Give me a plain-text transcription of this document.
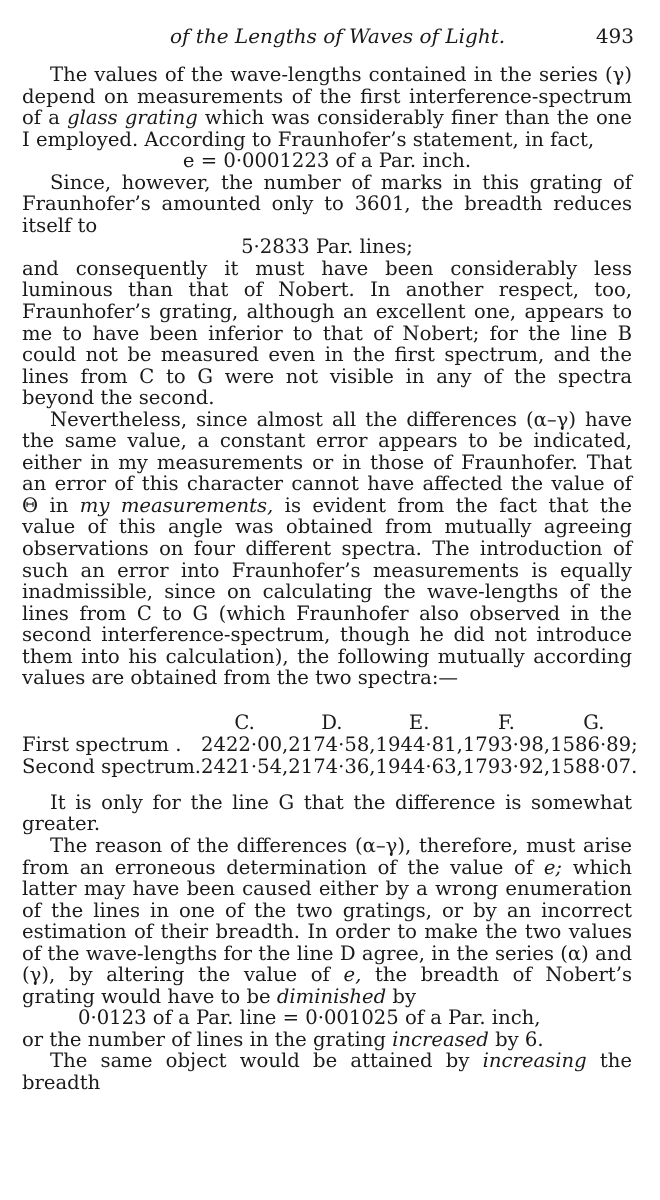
of the Lengths of Waves of Light.	493

The values of the wave-lengths contained in the series (γ) depend on measurements of the first interference-spectrum of a glass grating which was considerably finer than the one I employed. According to Fraunhofer’s statement, in fact,

e = 0·0001223 of a Par. inch.

Since, however, the number of marks in this grating of Fraunhofer’s amounted only to 3601, the breadth reduces itself to

5·2833 Par. lines;

and consequently it must have been considerably less luminous than that of Nobert. In another respect, too, Fraunhofer’s grating, although an excellent one, appears to me to have been inferior to that of Nobert; for the line B could not be measured even in the first spectrum, and the lines from C to G were not visible in any of the spectra beyond the second.

Nevertheless, since almost all the differences (α–γ) have the same value, a constant error appears to be indicated, either in my measurements or in those of Fraunhofer. That an error of this character cannot have affected the value of Θ in my measurements, is evident from the fact that the value of this angle was obtained from mutually agreeing observations on four different spectra. The introduction of such an error into Fraunhofer’s measurements is equally inadmissible, since on calculating the wave-lengths of the lines from C to G (which Fraunhofer also observed in the second interference-spectrum, though he did not introduce them into his calculation), the following mutually according values are obtained from the two spectra:—

	C.	D.	E.	F.	G.
First spectrum .	2422·00,	2174·58,	1944·81,	1793·98,	1586·89;
Second spectrum.	2421·54,	2174·36,	1944·63,	1793·92,	1588·07.

It is only for the line G that the difference is somewhat greater.

The reason of the differences (α–γ), therefore, must arise from an erroneous determination of the value of e; which latter may have been caused either by a wrong enumeration of the lines in one of the two gratings, or by an incorrect estimation of their breadth. In order to make the two values of the wave-lengths for the line D agree, in the series (α) and (γ), by altering the value of e, the breadth of Nobert’s grating would have to be diminished by

0·0123 of a Par. line = 0·001025 of a Par. inch,

or the number of lines in the grating increased by 6.

The same object would be attained by increasing the breadth
